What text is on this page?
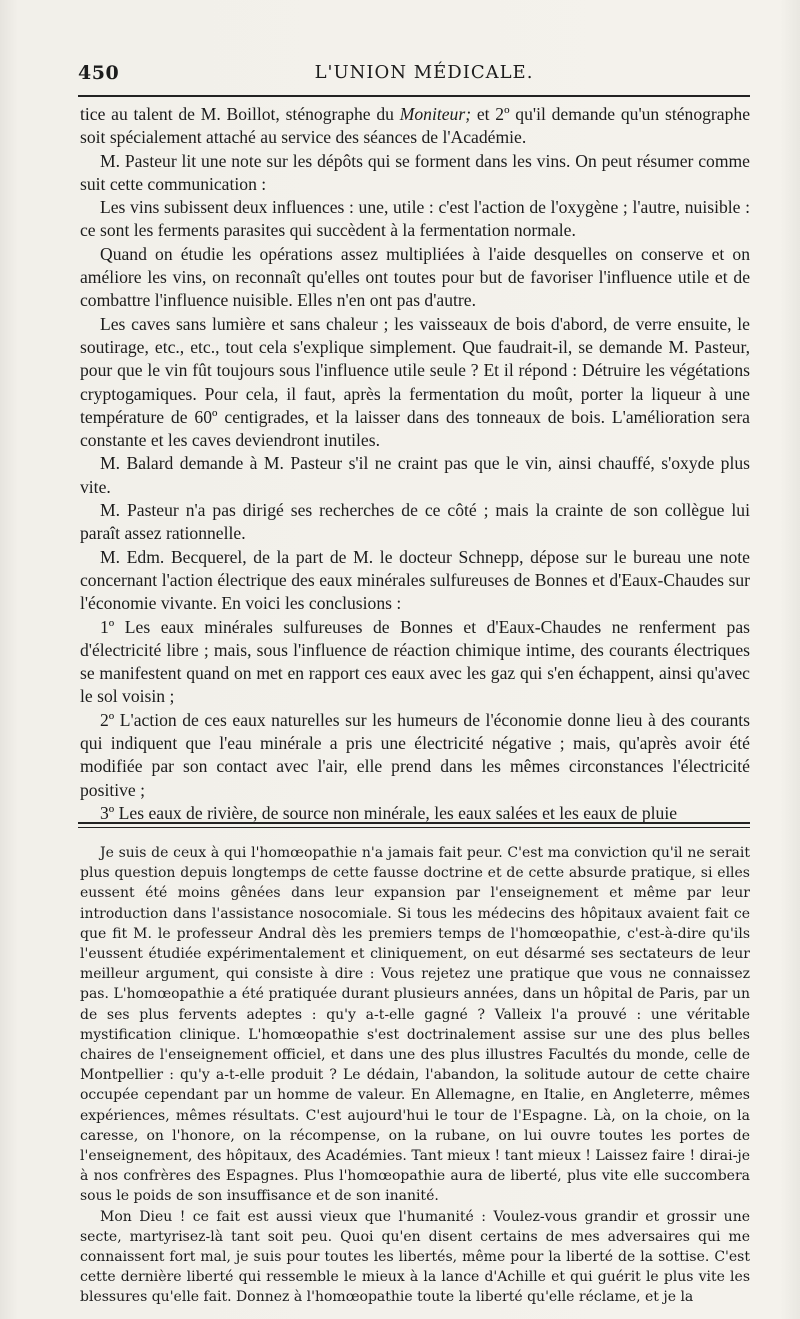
450	L'UNION MÉDICALE.

tice au talent de M. Boillot, sténographe du Moniteur; et 2º qu'il demande qu'un sténographe soit spécialement attaché au service des séances de l'Académie.

M. Pasteur lit une note sur les dépôts qui se forment dans les vins. On peut résumer comme suit cette communication :

Les vins subissent deux influences : une, utile : c'est l'action de l'oxygène ; l'autre, nuisible : ce sont les ferments parasites qui succèdent à la fermentation normale.

Quand on étudie les opérations assez multipliées à l'aide desquelles on conserve et on améliore les vins, on reconnaît qu'elles ont toutes pour but de favoriser l'influence utile et de combattre l'influence nuisible. Elles n'en ont pas d'autre.

Les caves sans lumière et sans chaleur ; les vaisseaux de bois d'abord, de verre ensuite, le soutirage, etc., etc., tout cela s'explique simplement. Que faudrait-il, se demande M. Pasteur, pour que le vin fût toujours sous l'influence utile seule ? Et il répond : Détruire les végétations cryptogamiques. Pour cela, il faut, après la fermentation du moût, porter la liqueur à une température de 60º centigrades, et la laisser dans des tonneaux de bois. L'amélioration sera constante et les caves deviendront inutiles.

M. Balard demande à M. Pasteur s'il ne craint pas que le vin, ainsi chauffé, s'oxyde plus vite.

M. Pasteur n'a pas dirigé ses recherches de ce côté ; mais la crainte de son collègue lui paraît assez rationnelle.

M. Edm. Becquerel, de la part de M. le docteur Schnepp, dépose sur le bureau une note concernant l'action électrique des eaux minérales sulfureuses de Bonnes et d'Eaux-Chaudes sur l'économie vivante. En voici les conclusions :

1º Les eaux minérales sulfureuses de Bonnes et d'Eaux-Chaudes ne renferment pas d'électricité libre ; mais, sous l'influence de réaction chimique intime, des courants électriques se manifestent quand on met en rapport ces eaux avec les gaz qui s'en échappent, ainsi qu'avec le sol voisin ;

2º L'action de ces eaux naturelles sur les humeurs de l'économie donne lieu à des courants qui indiquent que l'eau minérale a pris une électricité négative ; mais, qu'après avoir été modifiée par son contact avec l'air, elle prend dans les mêmes circonstances l'électricité positive ;

3º Les eaux de rivière, de source non minérale, les eaux salées et les eaux de pluie

Je suis de ceux à qui l'homœopathie n'a jamais fait peur. C'est ma conviction qu'il ne serait plus question depuis longtemps de cette fausse doctrine et de cette absurde pratique, si elles eussent été moins gênées dans leur expansion par l'enseignement et même par leur introduction dans l'assistance nosocomiale. Si tous les médecins des hôpitaux avaient fait ce que fit M. le professeur Andral dès les premiers temps de l'homœopathie, c'est-à-dire qu'ils l'eussent étudiée expérimentalement et cliniquement, on eut désarmé ses sectateurs de leur meilleur argument, qui consiste à dire : Vous rejetez une pratique que vous ne connaissez pas. L'homœopathie a été pratiquée durant plusieurs années, dans un hôpital de Paris, par un de ses plus fervents adeptes : qu'y a-t-elle gagné ? Valleix l'a prouvé : une véritable mystification clinique. L'homœopathie s'est doctrinalement assise sur une des plus belles chaires de l'enseignement officiel, et dans une des plus illustres Facultés du monde, celle de Montpellier : qu'y a-t-elle produit ? Le dédain, l'abandon, la solitude autour de cette chaire occupée cependant par un homme de valeur. En Allemagne, en Italie, en Angleterre, mêmes expériences, mêmes résultats. C'est aujourd'hui le tour de l'Espagne. Là, on la choie, on la caresse, on l'honore, on la récompense, on la rubane, on lui ouvre toutes les portes de l'enseignement, des hôpitaux, des Académies. Tant mieux ! tant mieux ! Laissez faire ! dirai-je à nos confrères des Espagnes. Plus l'homœopathie aura de liberté, plus vite elle succombera sous le poids de son insuffisance et de son inanité.

Mon Dieu ! ce fait est aussi vieux que l'humanité : Voulez-vous grandir et grossir une secte, martyrisez-là tant soit peu. Quoi qu'en disent certains de mes adversaires qui me connaissent fort mal, je suis pour toutes les libertés, même pour la liberté de la sottise. C'est cette dernière liberté qui ressemble le mieux à la lance d'Achille et qui guérit le plus vite les blessures qu'elle fait. Donnez à l'homœopathie toute la liberté qu'elle réclame, et je la
